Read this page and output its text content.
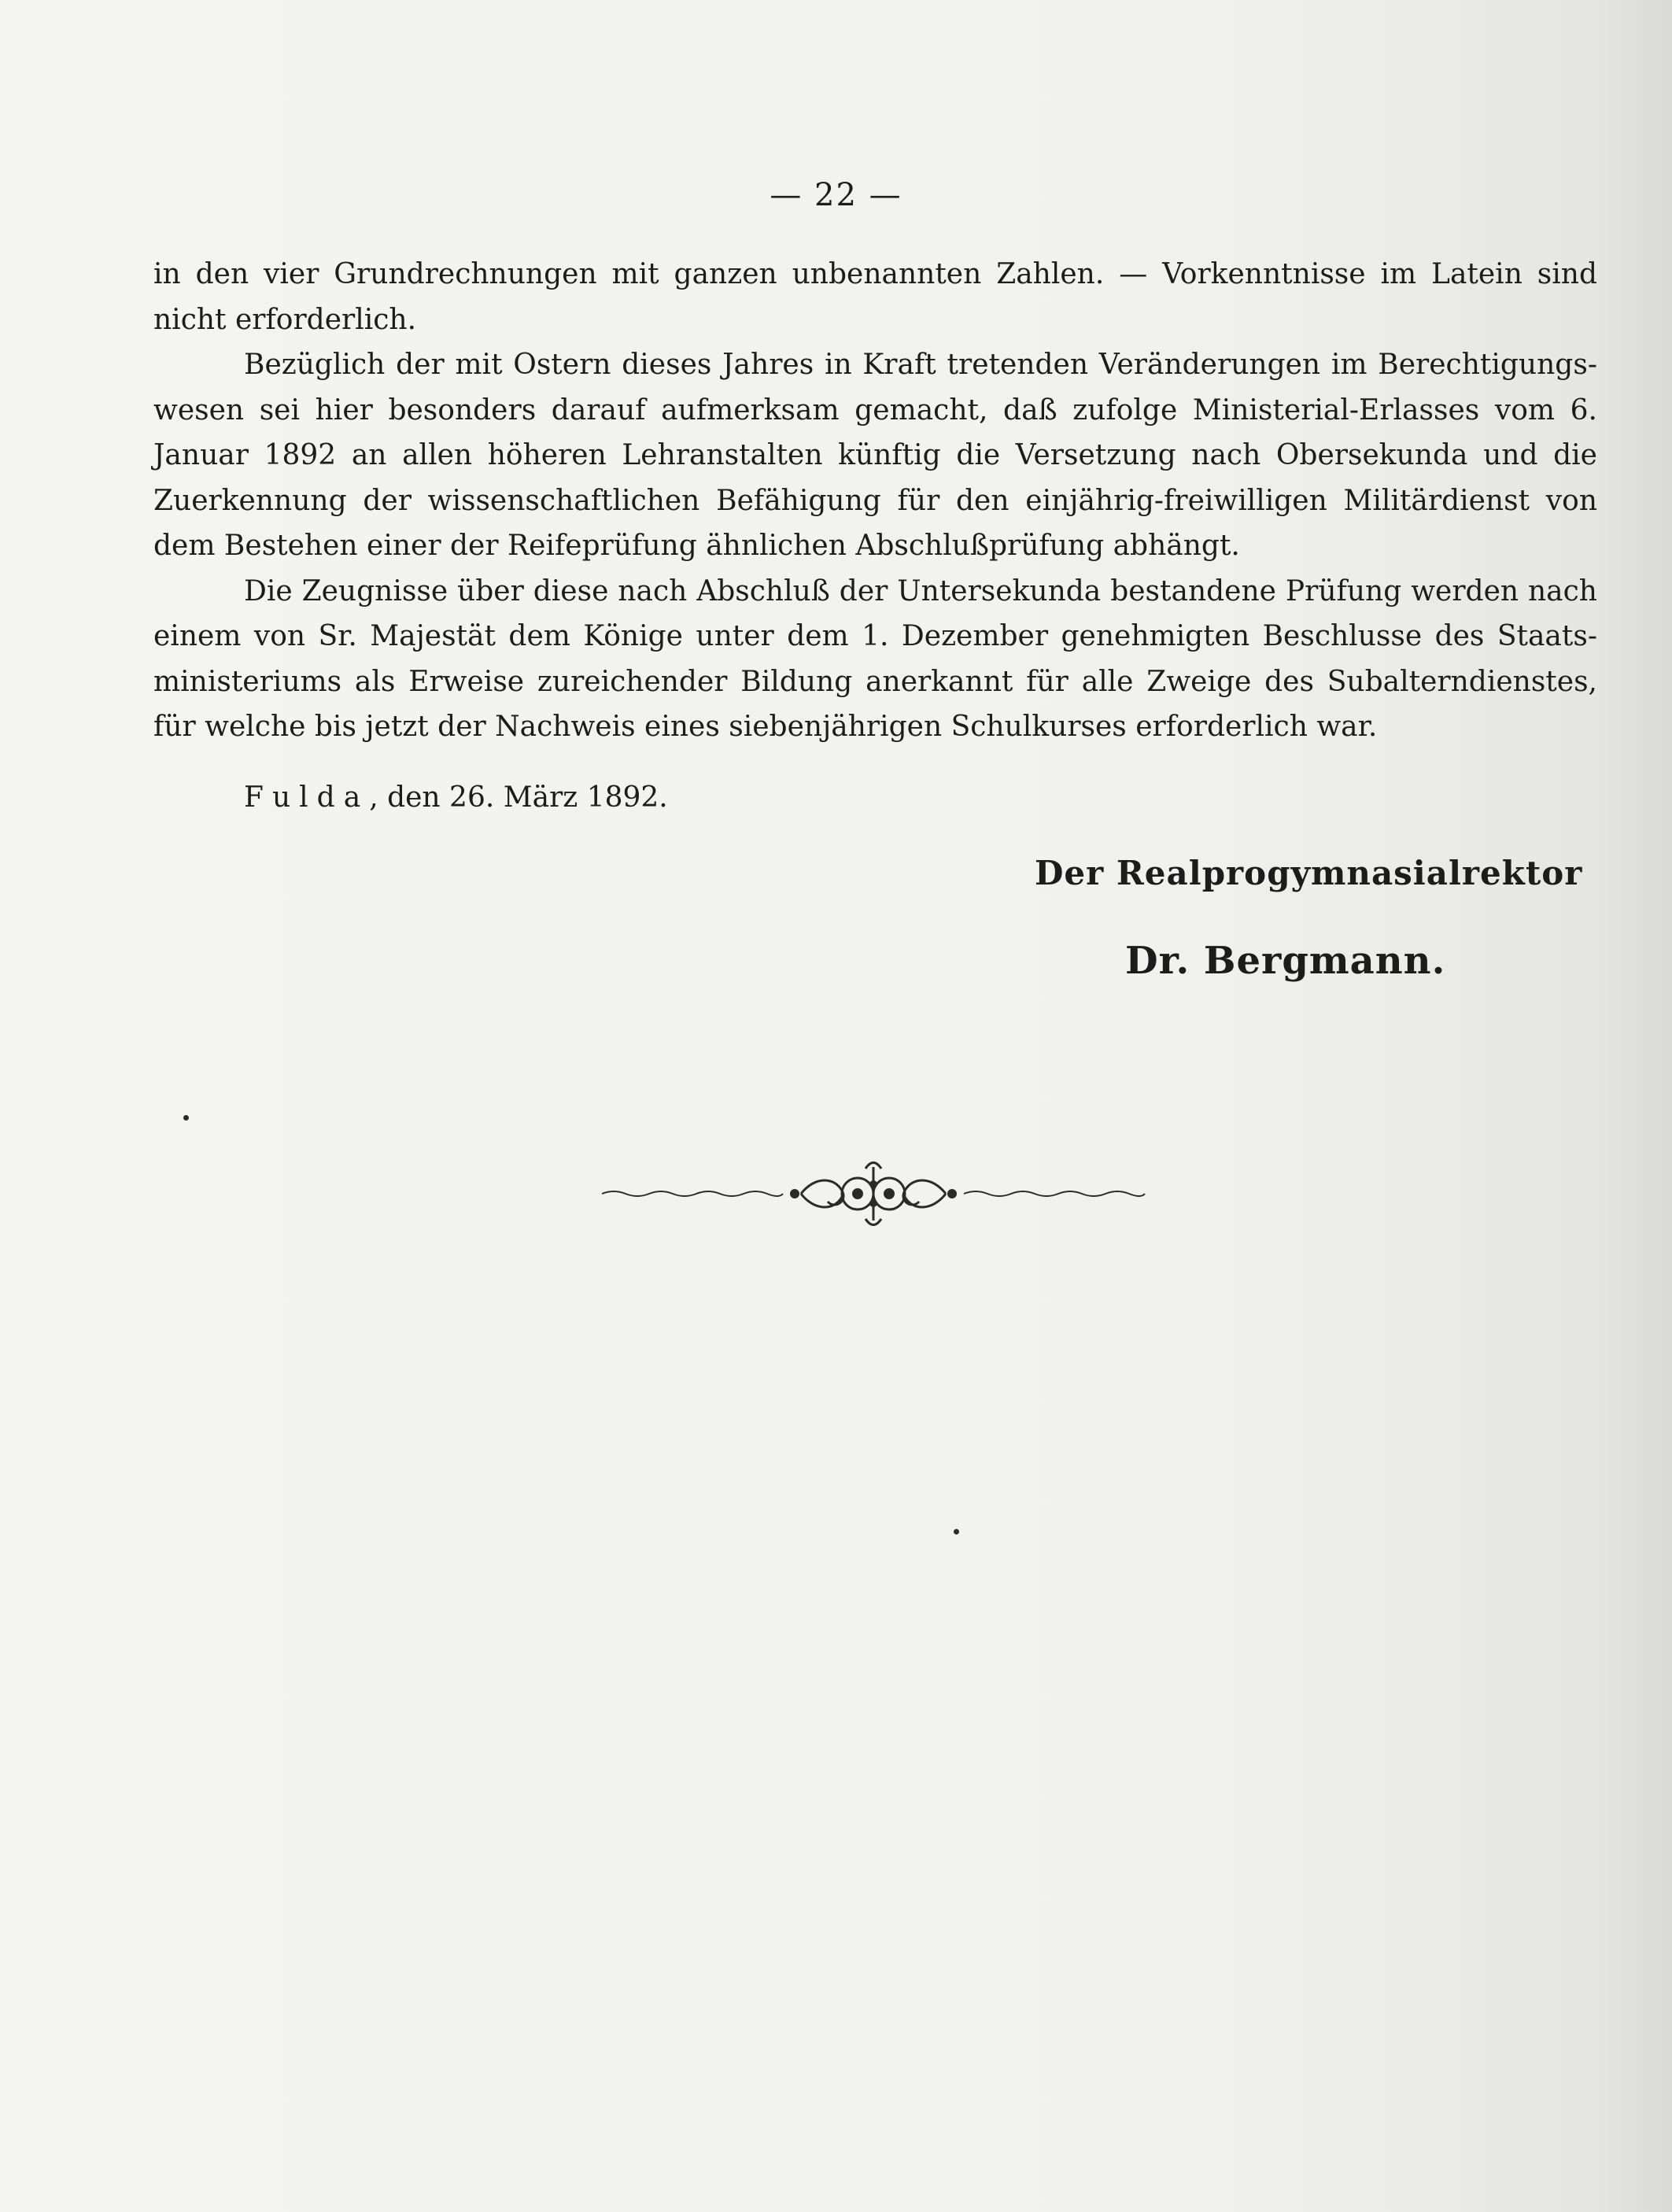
— 22 —

in den vier Grundrechnungen mit ganzen unbenannten Zahlen. — Vorkenntnisse im Latein sind nicht erforderlich.

Bezüglich der mit Ostern dieses Jahres in Kraft tretenden Veränderungen im Berechtigungs-wesen sei hier besonders darauf aufmerksam gemacht, daß zufolge Ministerial-Erlasses vom 6. Januar 1892 an allen höheren Lehranstalten künftig die Versetzung nach Obersekunda und die Zuerkennung der wissenschaftlichen Befähigung für den einjährig-freiwilligen Militärdienst von dem Bestehen einer der Reifeprüfung ähnlichen Abschlußprüfung abhängt.

Die Zeugnisse über diese nach Abschluß der Untersekunda bestandene Prüfung werden nach einem von Sr. Majestät dem Könige unter dem 1. Dezember genehmigten Beschlusse des Staats-ministeriums als Erweise zureichender Bildung anerkannt für alle Zweige des Subalterndienstes, für welche bis jetzt der Nachweis eines siebenjährigen Schulkurses erforderlich war.

Fulda, den 26. März 1892.
Der Realprogymnasialrektor
Dr. Bergmann.
